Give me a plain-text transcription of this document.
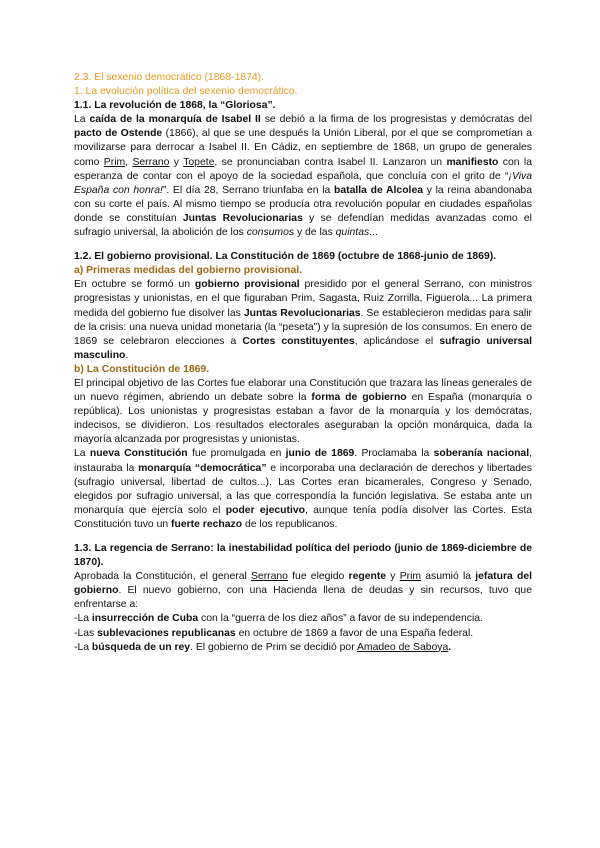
2.3. El sexenio democrático (1868-1874).

1. La evolución política del sexenio democrático.

1.1. La revolución de 1868, la “Gloriosa”.

La caída de la monarquía de Isabel II se debió a la firma de los progresistas y demócratas del pacto de Ostende (1866), al que se une después la Unión Liberal, por el que se comprometían a movilizarse para derrocar a Isabel II. En Cádiz, en septiembre de 1868, un grupo de generales como Prim, Serrano y Topete, se pronunciaban contra Isabel II. Lanzaron un manifiesto con la esperanza de contar con el apoyo de la sociedad española, que concluía con el grito de “¡Viva España con honra!”. El día 28, Serrano triunfaba en la batalla de Alcolea y la reina abandonaba con su corte el país. Al mismo tiempo se producía otra revolución popular en ciudades españolas donde se constituían Juntas Revolucionarias y se defendían medidas avanzadas como el sufragio universal, la abolición de los consumos y de las quintas...

1.2. El gobierno provisional. La Constitución de 1869 (octubre de 1868-junio de 1869).

a) Primeras medidas del gobierno provisional.

En octubre se formó un gobierno provisional presidido por el general Serrano, con ministros progresistas y unionistas, en el que figuraban Prim, Sagasta, Ruiz Zorrilla, Figuerola... La primera medida del gobierno fue disolver las Juntas Revolucionarias. Se establecieron medidas para salir de la crisis: una nueva unidad monetaria (la “peseta”) y la supresión de los consumos. En enero de 1869 se celebraron elecciones a Cortes constituyentes, aplicándose el sufragio universal masculino.

b) La Constitución de 1869.

El principal objetivo de las Cortes fue elaborar una Constitución que trazara las líneas generales de un nuevo régimen, abriendo un debate sobre la forma de gobierno en España (monarquía o república). Los unionistas y progresistas estaban a favor de la monarquía y los demócratas, indecisos, se dividieron. Los resultados electorales aseguraban la opción monárquica, dada la mayoría alcanzada por progresistas y unionistas.

La nueva Constitución fue promulgada en junio de 1869. Proclamaba la soberanía nacional, instauraba la monarquía “democrática” e incorporaba una declaración de derechos y libertades (sufragio universal, libertad de cultos...). Las Cortes eran bicamerales, Congreso y Senado, elegidos por sufragio universal, a las que correspondía la función legislativa. Se estaba ante un monarquía que ejercía solo el poder ejecutivo, aunque tenía podía disolver las Cortes. Esta Constitución tuvo un fuerte rechazo de los republicanos.

1.3. La regencia de Serrano: la inestabilidad política del periodo (junio de 1869-diciembre de 1870).

Aprobada la Constitución, el general Serrano fue elegido regente y Prim asumió la jefatura del gobierno. El nuevo gobierno, con una Hacienda llena de deudas y sin recursos, tuvo que enfrentarse a:

-La insurrección de Cuba con la “guerra de los diez años” a favor de su independencia.

-Las sublevaciones republicanas en octubre de 1869 a favor de una España federal.

-La búsqueda de un rey. El gobierno de Prim se decidió por Amadeo de Saboya.
